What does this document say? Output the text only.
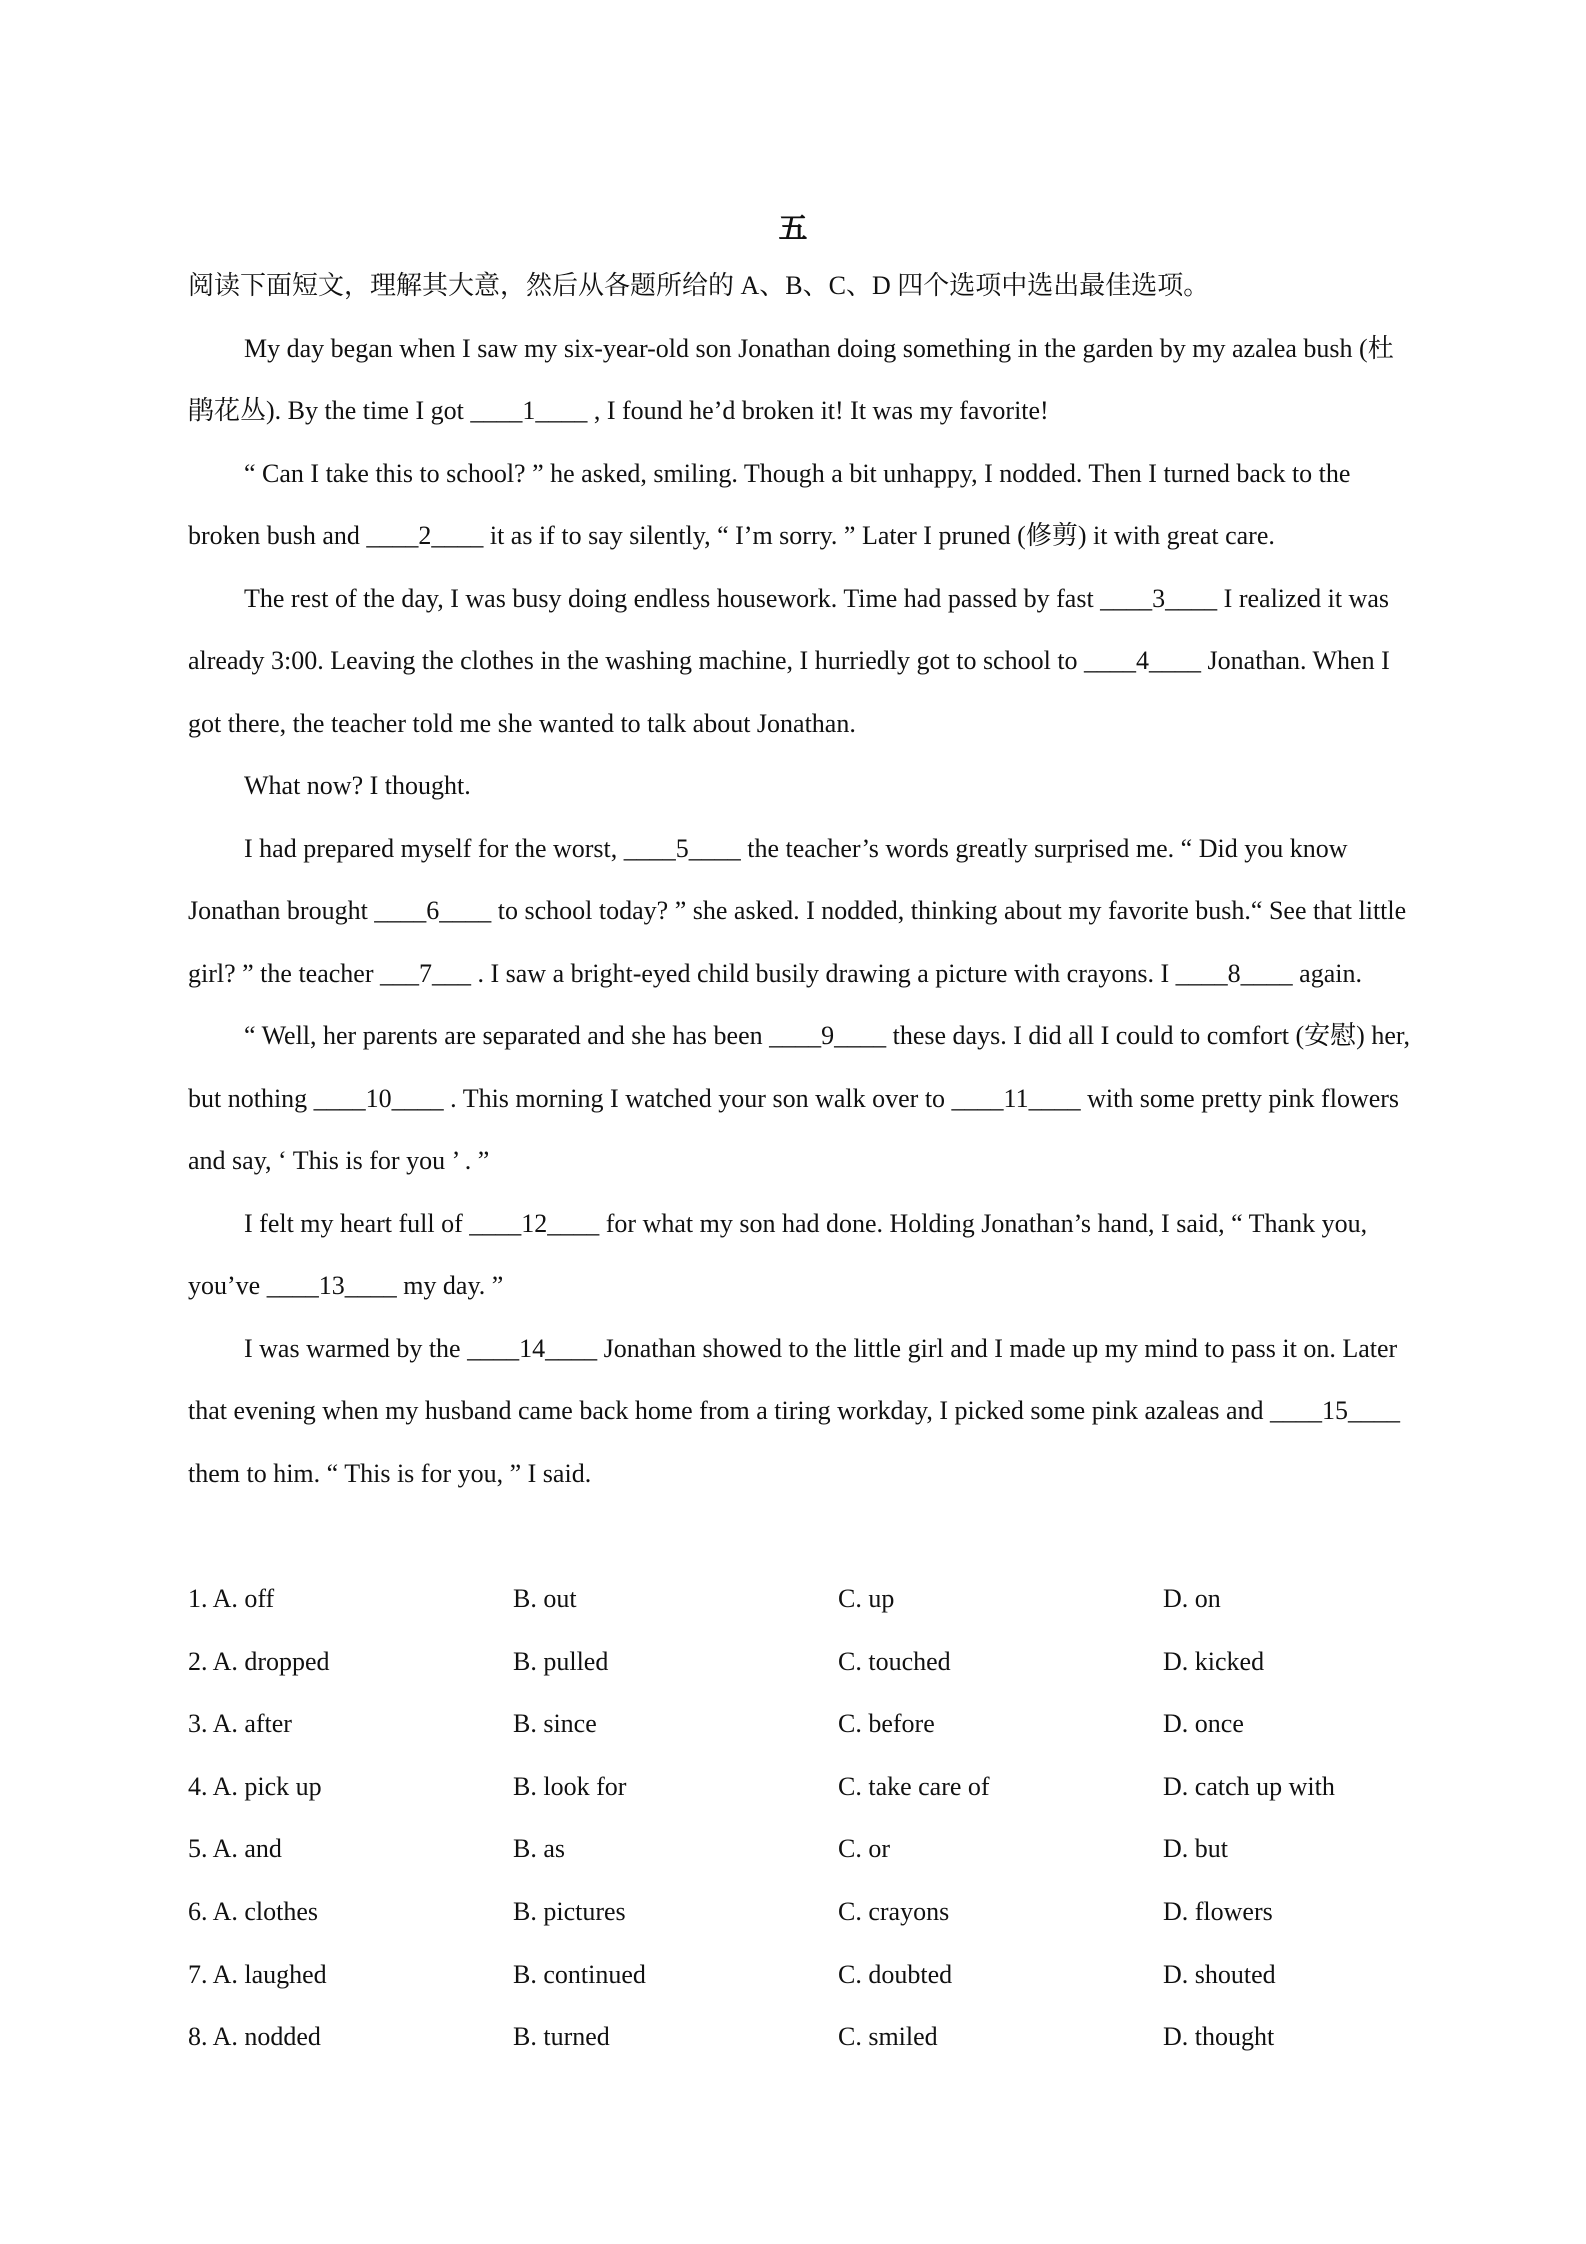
五

阅读下面短文，理解其大意，然后从各题所给的 A、B、C、D 四个选项中选出最佳选项。

My day began when I saw my six-year-old son Jonathan doing something in the garden by my azalea bush (杜鹃花丛). By the time I got ____1____ , I found he’d broken it! It was my favorite!

“ Can I take this to school? ” he asked, smiling. Though a bit unhappy, I nodded. Then I turned back to the broken bush and ____2____ it as if to say silently, “ I’m sorry. ” Later I pruned (修剪) it with great care.

The rest of the day, I was busy doing endless housework. Time had passed by fast ____3____ I realized it was already 3:00. Leaving the clothes in the washing machine, I hurriedly got to school to ____4____ Jonathan. When I got there, the teacher told me she wanted to talk about Jonathan.

What now? I thought.

I had prepared myself for the worst, ____5____ the teacher’s words greatly surprised me. “ Did you know Jonathan brought ____6____ to school today? ” she asked. I nodded, thinking about my favorite bush.“ See that little girl? ” the teacher ___7___ . I saw a bright-eyed child busily drawing a picture with crayons. I ____8____ again.

“ Well, her parents are separated and she has been ____9____ these days. I did all I could to comfort (安慰) her, but nothing ____10____ . This morning I watched your son walk over to ____11____ with some pretty pink flowers and say, ‘ This is for you ’ . ”

I felt my heart full of ____12____ for what my son had done. Holding Jonathan’s hand, I said, “ Thank you, you’ve ____13____ my day. ”

I was warmed by the ____14____ Jonathan showed to the little girl and I made up my mind to pass it on. Later that evening when my husband came back home from a tiring workday, I picked some pink azaleas and ____15____ them to him. “ This is for you, ” I said.

1. A. off	B. out	C. up	D. on
2. A. dropped	B. pulled	C. touched	D. kicked
3. A. after	B. since	C. before	D. once
4. A. pick up	B. look for	C. take care of	D. catch up with
5. A. and	B. as	C. or	D. but
6. A. clothes	B. pictures	C. crayons	D. flowers
7. A. laughed	B. continued	C. doubted	D. shouted
8. A. nodded	B. turned	C. smiled	D. thought
